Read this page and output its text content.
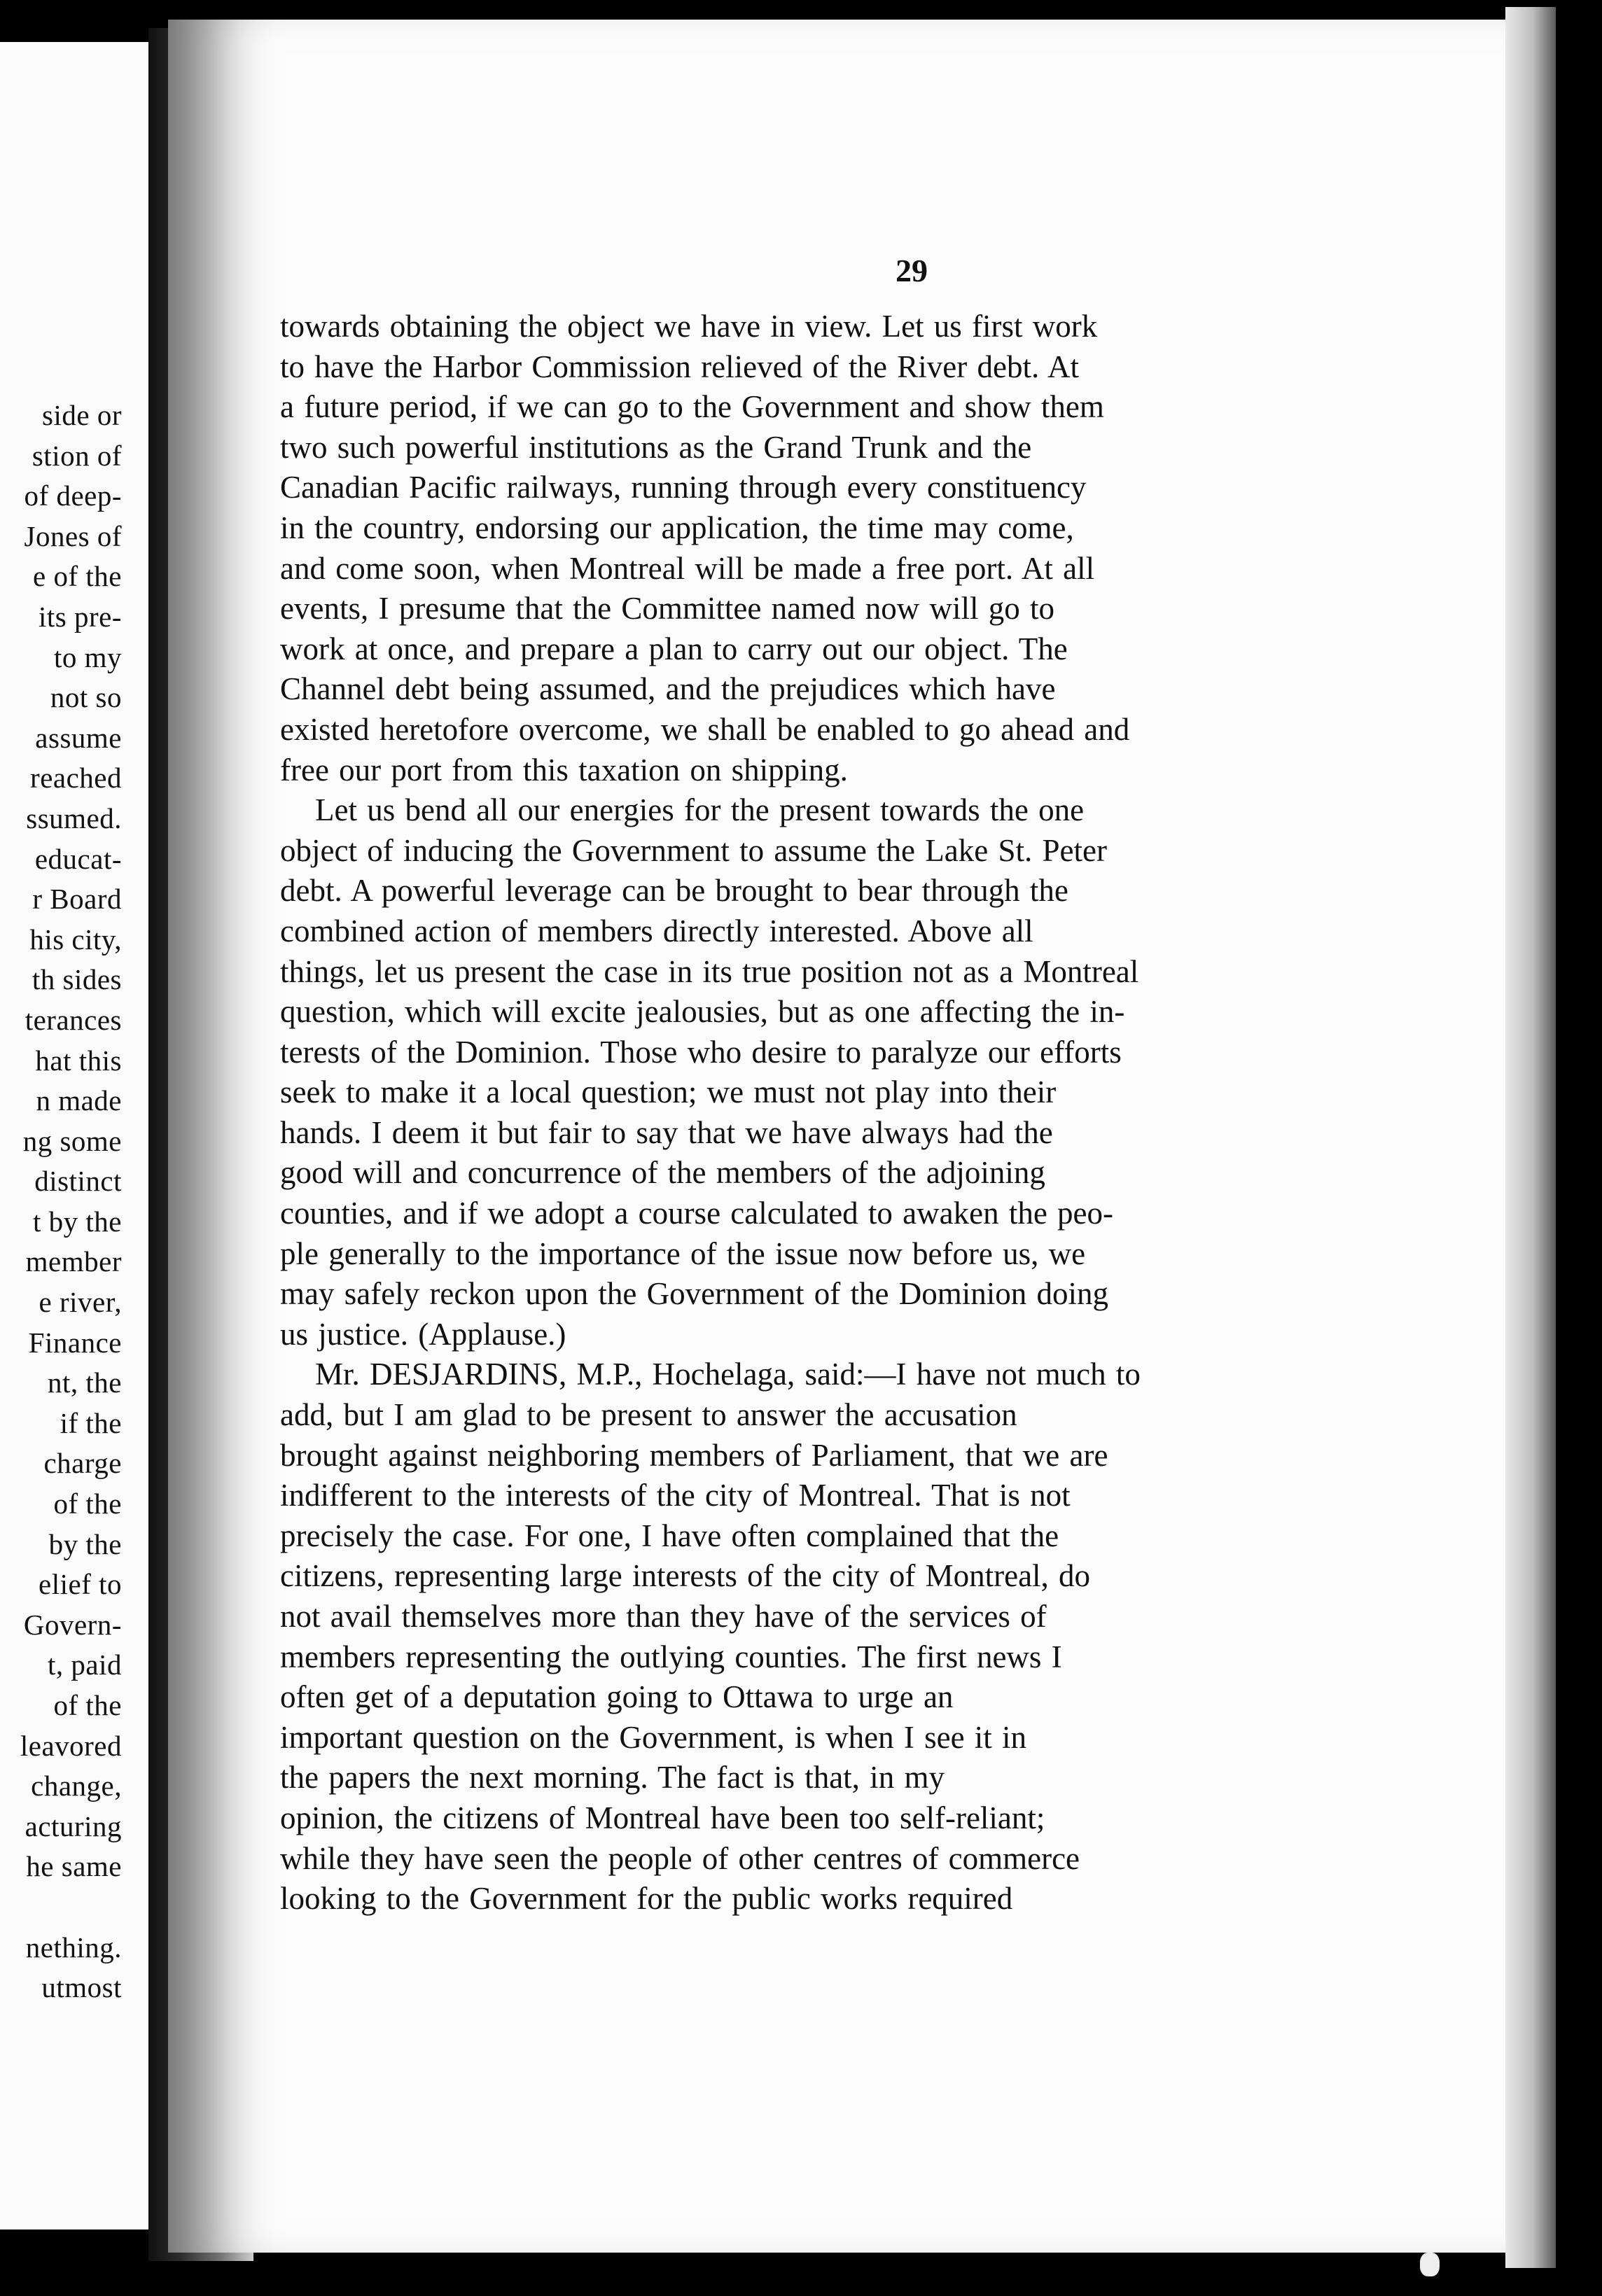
side or
stion of
of deep-
Jones of
e of the
its pre-
to my
not so
assume
reached
ssumed.
educat-
r Board
his city,
th sides
terances
hat this
n made
ng some
distinct
t by the
member
e river,
Finance
nt, the
if the
charge
of the
by the
elief to
Govern-
t, paid
of the
leavored
change,
acturing
he same
nething.
utmost
29
towards obtaining the object we have in view. Let us first work
to have the Harbor Commission relieved of the River debt. At
a future period, if we can go to the Government and show them
two such powerful institutions as the Grand Trunk and the
Canadian Pacific railways, running through every constituency
in the country, endorsing our application, the time may come,
and come soon, when Montreal will be made a free port. At all
events, I presume that the Committee named now will go to
work at once, and prepare a plan to carry out our object. The
Channel debt being assumed, and the prejudices which have
existed heretofore overcome, we shall be enabled to go ahead and
free our port from this taxation on shipping.
Let us bend all our energies for the present towards the one
object of inducing the Government to assume the Lake St. Peter
debt. A powerful leverage can be brought to bear through the
combined action of members directly interested. Above all
things, let us present the case in its true position not as a Montreal
question, which will excite jealousies, but as one affecting the in-
terests of the Dominion. Those who desire to paralyze our efforts
seek to make it a local question; we must not play into their
hands. I deem it but fair to say that we have always had the
good will and concurrence of the members of the adjoining
counties, and if we adopt a course calculated to awaken the peo-
ple generally to the importance of the issue now before us, we
may safely reckon upon the Government of the Dominion doing
us justice. (Applause.)
Mr. DESJARDINS, M.P., Hochelaga, said:—I have not much to
add, but I am glad to be present to answer the accusation
brought against neighboring members of Parliament, that we are
indifferent to the interests of the city of Montreal. That is not
precisely the case. For one, I have often complained that the
citizens, representing large interests of the city of Montreal, do
not avail themselves more than they have of the services of
members representing the outlying counties. The first news I
often get of a deputation going to Ottawa to urge an
important question on the Government, is when I see it in
the papers the next morning. The fact is that, in my
opinion, the citizens of Montreal have been too self-reliant;
while they have seen the people of other centres of commerce
looking to the Government for the public works required
